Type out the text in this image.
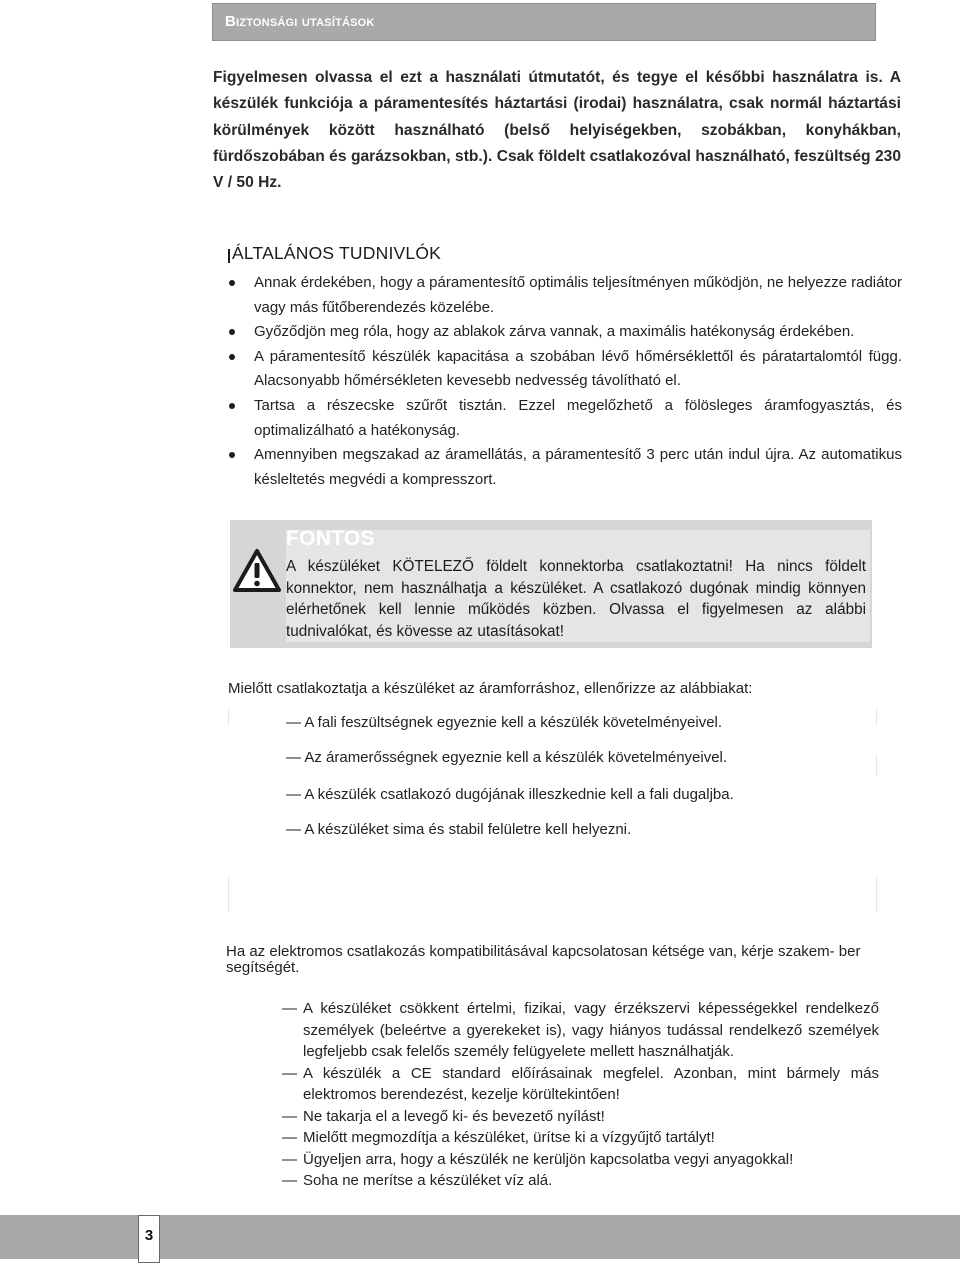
Biztonsági utasítások

Figyelmesen olvassa el ezt a használati útmutatót, és tegye el későbbi használatra is. A készülék funkciója a páramentesítés háztartási (irodai) használatra, csak normál háztartási körülmények között használható (belső helyiségekben, szobákban, konyhákban, fürdőszobában és garázsokban, stb.). Csak földelt csatlakozóval használható, feszültség 230 V / 50 Hz.

ÁLTALÁNOS TUDNIVLÓK
Annak érdekében, hogy a páramentesítő optimális teljesítményen működjön, ne helyezze radiátor vagy más fűtőberendezés közelébe.
Győződjön meg róla, hogy az ablakok zárva vannak, a maximális hatékonyság érdekében.
A páramentesítő készülék kapacitása a szobában lévő hőmérséklettől és páratartalomtól függ. Alacsonyabb hőmérsékleten kevesebb nedvesség távolítható el.
Tartsa a részecske szűrőt tisztán. Ezzel megelőzhető a fölösleges áramfogyasztás, és optimalizálható a hatékonyság.
Amennyiben megszakad az áramellátás, a páramentesítő 3 perc után indul újra. Az automatikus késleltetés megvédi a kompresszort.
FONTOS
A készüléket KÖTELEZŐ földelt konnektorba csatlakoztatni! Ha nincs földelt konnektor, nem használhatja a készüléket. A csatlakozó dugónak mindig könnyen elérhetőnek kell lennie működés közben. Olvassa el figyelmesen az alábbi tudnivalókat, és kövesse az utasításokat!
Mielőtt csatlakoztatja a készüléket az áramforráshoz, ellenőrizze az alábbiakat:
— A fali feszültségnek egyeznie kell a készülék követelményeivel.
— Az áramerősségnek egyeznie kell a készülék követelményeivel.
— A készülék csatlakozó dugójának illeszkednie kell a fali dugaljba.
— A készüléket sima és stabil felületre kell helyezni.
Ha az elektromos csatlakozás kompatibilitásával kapcsolatosan kétsége van, kérje szakem- ber segítségét.
— A készüléket csökkent értelmi, fizikai, vagy érzékszervi képességekkel rendelkező személyek (beleértve a gyerekeket is), vagy hiányos tudással rendelkező személyek legfeljebb csak felelős személy felügyelete mellett használhatják.
— A készülék a CE standard előírásainak megfelel. Azonban, mint bármely más elektromos berendezést, kezelje körültekintően!
— Ne takarja el a levegő ki- és bevezető nyílást!
— Mielőtt megmozdítja a készüléket, ürítse ki a vízgyűjtő tartályt!
— Ügyeljen arra, hogy a készülék ne kerüljön kapcsolatba vegyi anyagokkal!
— Soha ne merítse a készüléket víz alá.
3
